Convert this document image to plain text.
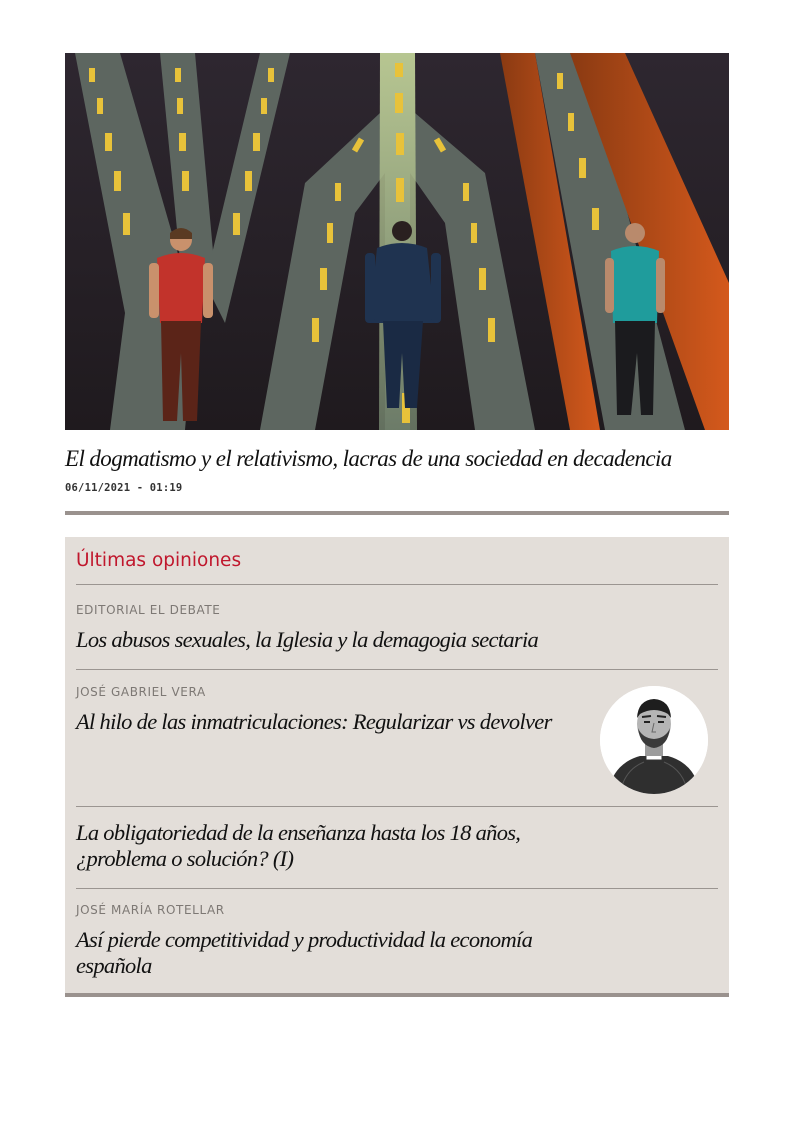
El dogmatismo y el relativismo, lacras de una sociedad en decadencia

06/11/2021 - 01:19

Últimas opiniones

EDITORIAL EL DEBATE

Los abusos sexuales, la Iglesia y la demagogia sectaria

JOSÉ GABRIEL VERA

Al hilo de las inmatriculaciones: Regularizar vs devolver

La obligatoriedad de la enseñanza hasta los 18 años, ¿problema o solución? (I)

JOSÉ MARÍA ROTELLAR

Así pierde competitividad y productividad la economía española
